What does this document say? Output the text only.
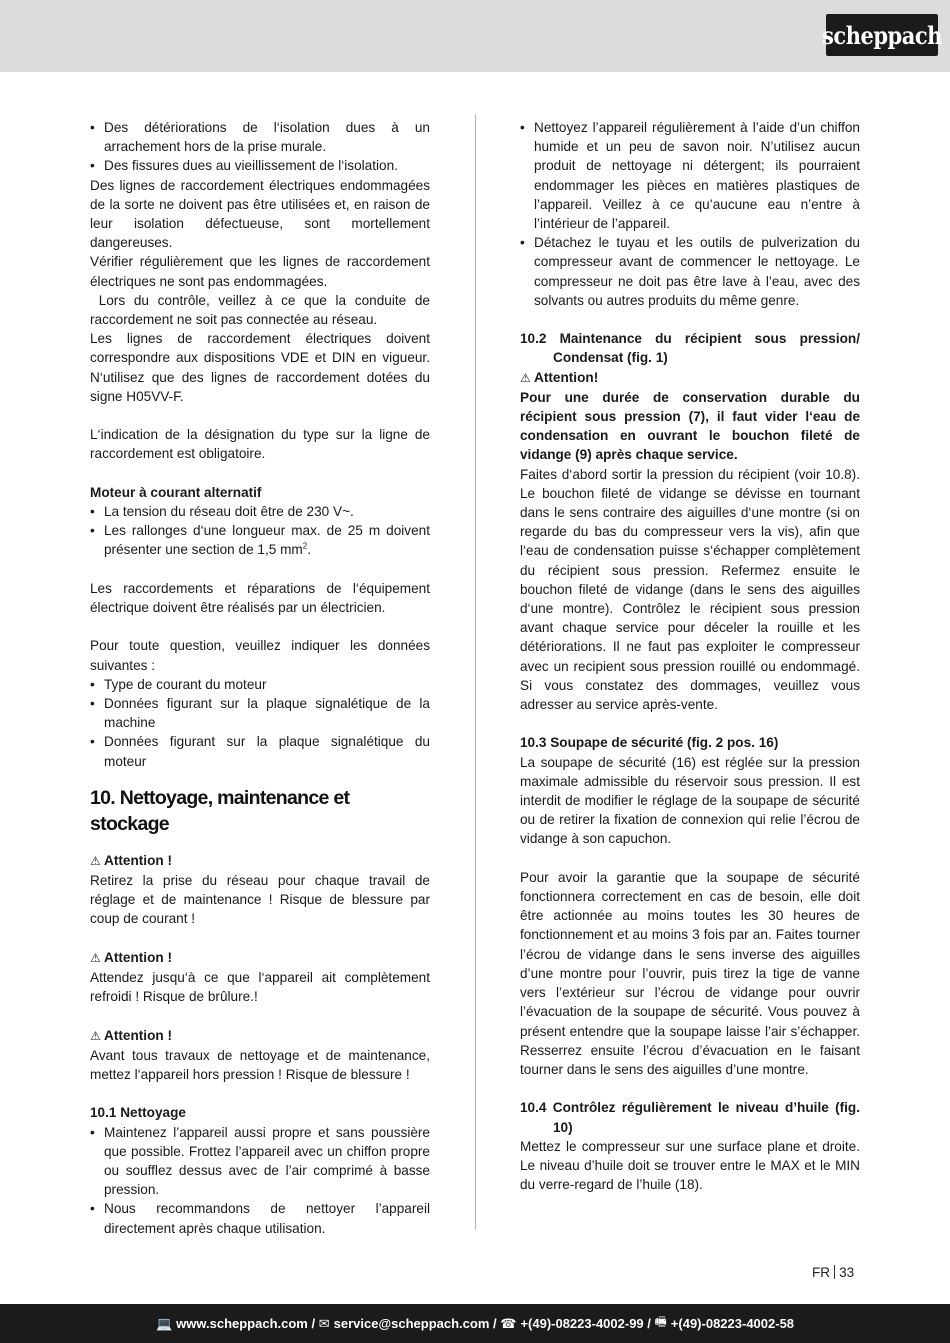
scheppach
• Des détériorations de l‘isolation dues à un arrachement hors de la prise murale.
• Des fissures dues au vieillissement de l‘isolation.

Des lignes de raccordement électriques endommagées de la sorte ne doivent pas être utilisées et, en raison de leur isolation défectueuse, sont mortellement dangereuses.

Vérifier régulièrement que les lignes de raccordement électriques ne sont pas endommagées.

Lors du contrôle, veillez à ce que la conduite de raccordement ne soit pas connectée au réseau.

Les lignes de raccordement électriques doivent correspondre aux dispositions VDE et DIN en vigueur. N‘utilisez que des lignes de raccordement dotées du signe H05VV-F.

L‘indication de la désignation du type sur la ligne de raccordement est obligatoire.

Moteur à courant alternatif
• La tension du réseau doit être de 230 V~.
• Les rallonges d‘une longueur max. de 25 m doivent présenter une section de 1,5 $mm^2$.

Les raccordements et réparations de l‘équipement électrique doivent être réalisés par un électricien.

Pour toute question, veuillez indiquer les données suivantes :

• Type de courant du moteur
• Données figurant sur la plaque signalétique de la machine
• Données figurant sur la plaque signalétique du moteur
10. Nettoyage, maintenance et stockage

⚠ Attention !

Retirez la prise du réseau pour chaque travail de réglage et de maintenance ! Risque de blessure par coup de courant !

⚠ Attention !

Attendez jusqu‘à ce que l‘appareil ait complètement refroidi ! Risque de brûlure.!

⚠ Attention !

Avant tous travaux de nettoyage et de maintenance, mettez l‘appareil hors pression ! Risque de blessure !

10.1 Nettoyage
• Maintenez l’appareil aussi propre et sans poussière que possible. Frottez l’appareil avec un chiffon propre ou soufflez dessus avec de l’air comprimé à basse pression.
• Nous recommandons de nettoyer l’appareil directement après chaque utilisation.
• Nettoyez l’appareil régulièrement à l’aide d’un chiffon humide et un peu de savon noir. N’utilisez aucun produit de nettoyage ni détergent; ils pourraient endommager les pièces en matières plastiques de l’appareil. Veillez à ce qu’aucune eau n’entre à l’intérieur de l’appareil.
• Détachez le tuyau et les outils de pulverization du compresseur avant de commencer le nettoyage. Le compresseur ne doit pas être lave à l’eau, avec des solvants ou autres produits du même genre.
10.2 Maintenance du récipient sous pression/ Condensat (fig. 1)

⚠ Attention!

Pour une durée de conservation durable du récipient sous pression (7), il faut vider l‘eau de condensation en ouvrant le bouchon fileté de vidange (9) après chaque service.

Faites d‘abord sortir la pression du récipient (voir 10.8). Le bouchon fileté de vidange se dévisse en tournant dans le sens contraire des aiguilles d‘une montre (si on regarde du bas du compresseur vers la vis), afin que l‘eau de condensation puisse s‘échapper complètement du récipient sous pression. Refermez ensuite le bouchon fileté de vidange (dans le sens des aiguilles d‘une montre). Contrôlez le récipient sous pression avant chaque service pour déceler la rouille et les détériorations. Il ne faut pas exploiter le compresseur avec un recipient sous pression rouillé ou endommagé. Si vous constatez des dommages, veuillez vous adresser au service après-vente.

10.3 Soupape de sécurité (fig. 2 pos. 16)

La soupape de sécurité (16) est réglée sur la pression maximale admissible du réservoir sous pression. Il est interdit de modifier le réglage de la soupape de sécurité ou de retirer la fixation de connexion qui relie l’écrou de vidange à son capuchon.

Pour avoir la garantie que la soupape de sécurité fonctionnera correctement en cas de besoin, elle doit être actionnée au moins toutes les 30 heures de fonctionnement et au moins 3 fois par an. Faites tourner l’écrou de vidange dans le sens inverse des aiguilles d’une montre pour l’ouvrir, puis tirez la tige de vanne vers l’extérieur sur l’écrou de vidange pour ouvrir l’évacuation de la soupape de sécurité. Vous pouvez à présent entendre que la soupape laisse l’air s’échapper. Resserrez ensuite l’écrou d’évacuation en le faisant tourner dans le sens des aiguilles d’une montre.

10.4 Contrôlez régulièrement le niveau d’huile (fig. 10)

Mettez le compresseur sur une surface plane et droite. Le niveau d’huile doit se trouver entre le MAX et le MIN du verre-regard de l’huile (18).

FR 33
💻 www.scheppach.com /
✉ service@scheppach.com /
☎ +(49)-08223-4002-99 /
🖷 +(49)-08223-4002-58
